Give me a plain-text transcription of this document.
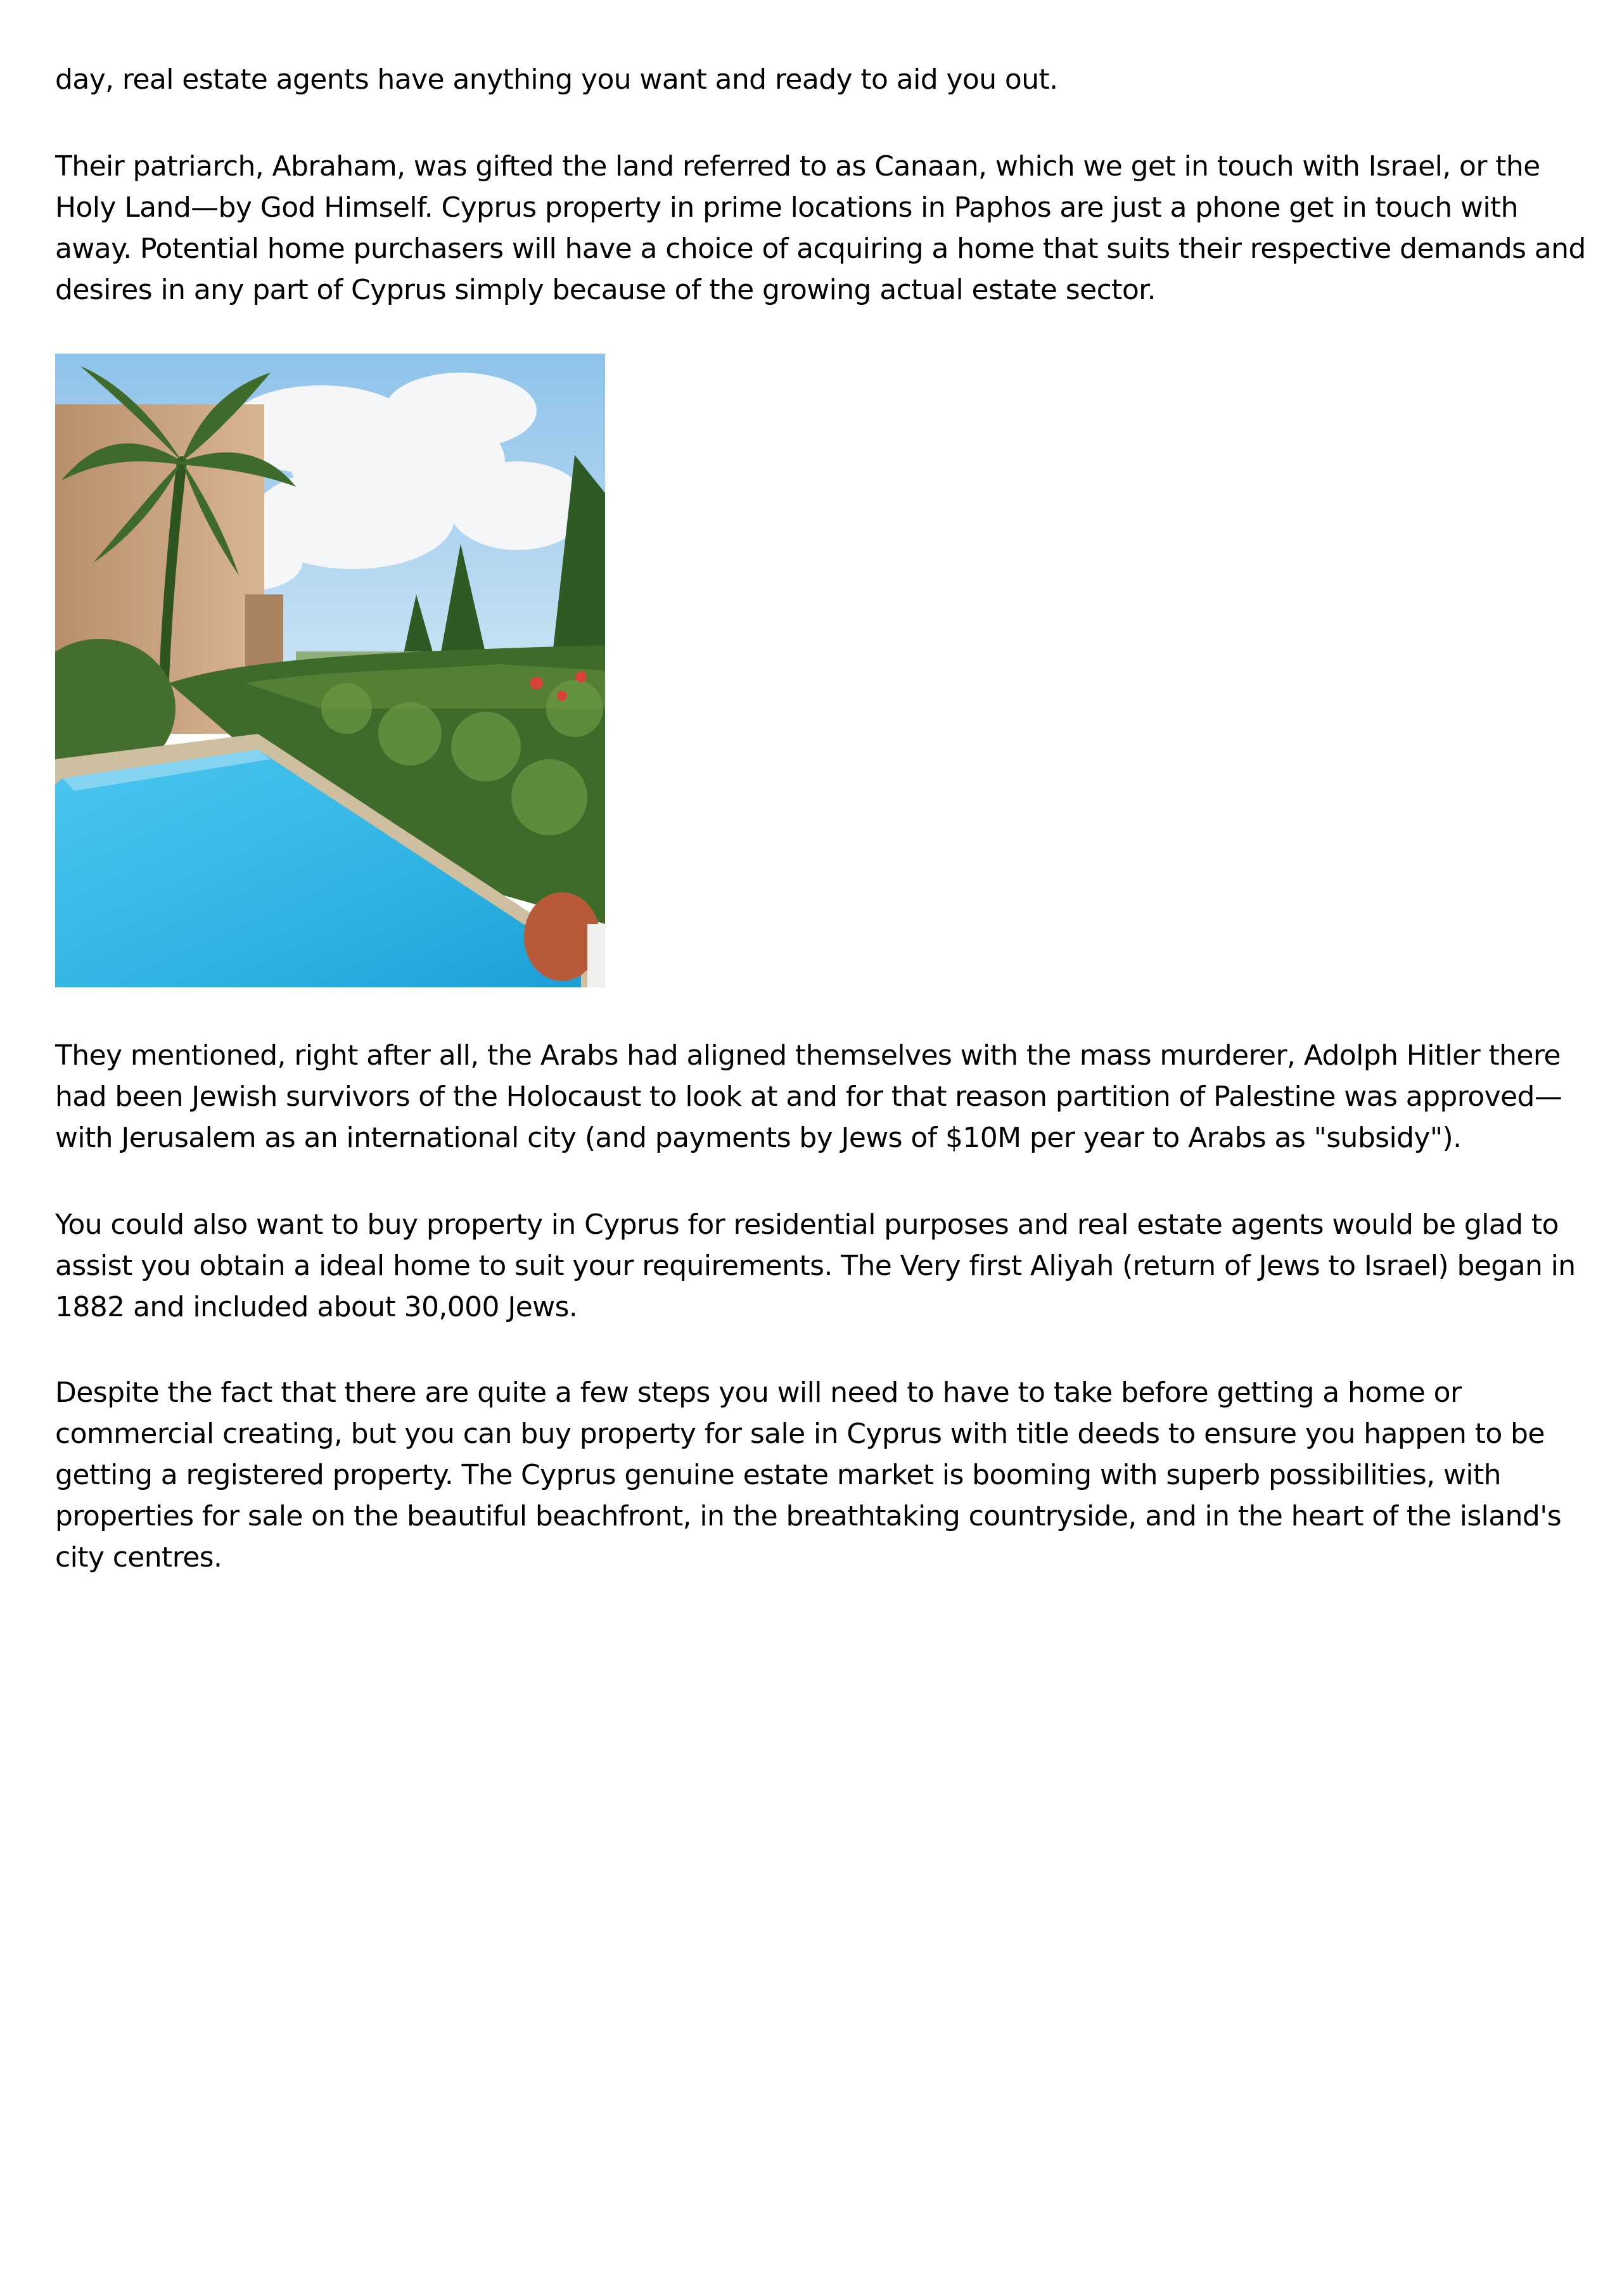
day, real estate agents have anything you want and ready to aid you out.

Their patriarch, Abraham, was gifted the land referred to as Canaan, which we get in touch with Israel, or the Holy Land—by God Himself. Cyprus property in prime locations in Paphos are just a phone get in touch with away. Potential home purchasers will have a choice of acquiring a home that suits their respective demands and desires in any part of Cyprus simply because of the growing actual estate sector.

They mentioned, right after all, the Arabs had aligned themselves with the mass murderer, Adolph Hitler there had been Jewish survivors of the Holocaust to look at and for that reason partition of Palestine was approved—with Jerusalem as an international city (and payments by Jews of $10M per year to Arabs as "subsidy").

You could also want to buy property in Cyprus for residential purposes and real estate agents would be glad to assist you obtain a ideal home to suit your requirements. The Very first Aliyah (return of Jews to Israel) began in 1882 and included about 30,000 Jews.

Despite the fact that there are quite a few steps you will need to have to take before getting a home or commercial creating, but you can buy property for sale in Cyprus with title deeds to ensure you happen to be getting a registered property. The Cyprus genuine estate market is booming with superb possibilities, with properties for sale on the beautiful beachfront, in the breathtaking countryside, and in the heart of the island's city centres.
